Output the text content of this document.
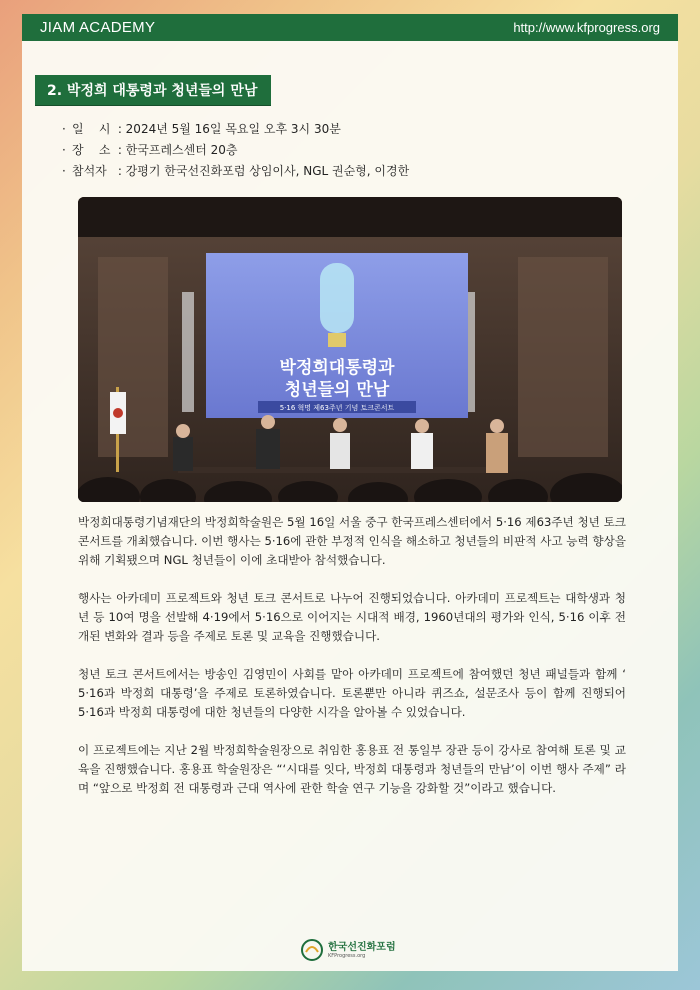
JIAM ACADEMY	http://www.kfprogress.org
2. 박정희 대통령과 청년들의 만남
· 일    시 : 2024년 5월 16일 목요일 오후 3시 30분
· 장    소 : 한국프레스센터 20층
· 참석자 : 강평기 한국선진화포럼 상임이사, NGL 권순형, 이경한
박정희대통령과
청년들의 만남
5·16 혁명 제63주년 기념 토크콘서트

박정희대통령기념재단의 박정희학술원은 5월 16일 서울 중구 한국프레스센터에서 5·16 제63주년 청년 토크 콘서트를 개최했습니다. 이번 행사는 5·16에 관한 부정적 인식을 해소하고 청년들의 비판적 사고 능력 향상을 위해 기획됐으며 NGL 청년들이 이에 초대받아 참석했습니다.

행사는 아카데미 프로젝트와 청년 토크 콘서트로 나누어 진행되었습니다. 아카데미 프로젝트는 대학생과 청년 등 10여 명을 선발해 4·19에서 5·16으로 이어지는 시대적 배경, 1960년대의 평가와 인식, 5·16 이후 전개된 변화와 결과 등을 주제로 토론 및 교육을 진행했습니다.

청년 토크 콘서트에서는 방송인 김영민이 사회를 맡아 아카데미 프로젝트에 참여했던 청년 패널들과 함께 ‘ 5·16과 박정희 대통령’을 주제로 토론하였습니다. 토론뿐만 아니라 퀴즈쇼, 설문조사 등이 함께 진행되어 5·16과 박정희 대통령에 대한 청년들의 다양한 시각을 알아볼 수 있었습니다.

이 프로젝트에는 지난 2월 박정희학술원장으로 취임한 홍용표 전 통일부 장관 등이 강사로 참여해 토론 및 교육을 진행했습니다. 홍용표 학술원장은 “‘시대를 잇다, 박정희 대통령과 청년들의 만남’이 이번 행사 주제” 라며 “앞으로 박정희 전 대통령과 근대 역사에 관한 학술 연구 기능을 강화할 것”이라고 했습니다.

한국선진화포럼
KFProgress.org
